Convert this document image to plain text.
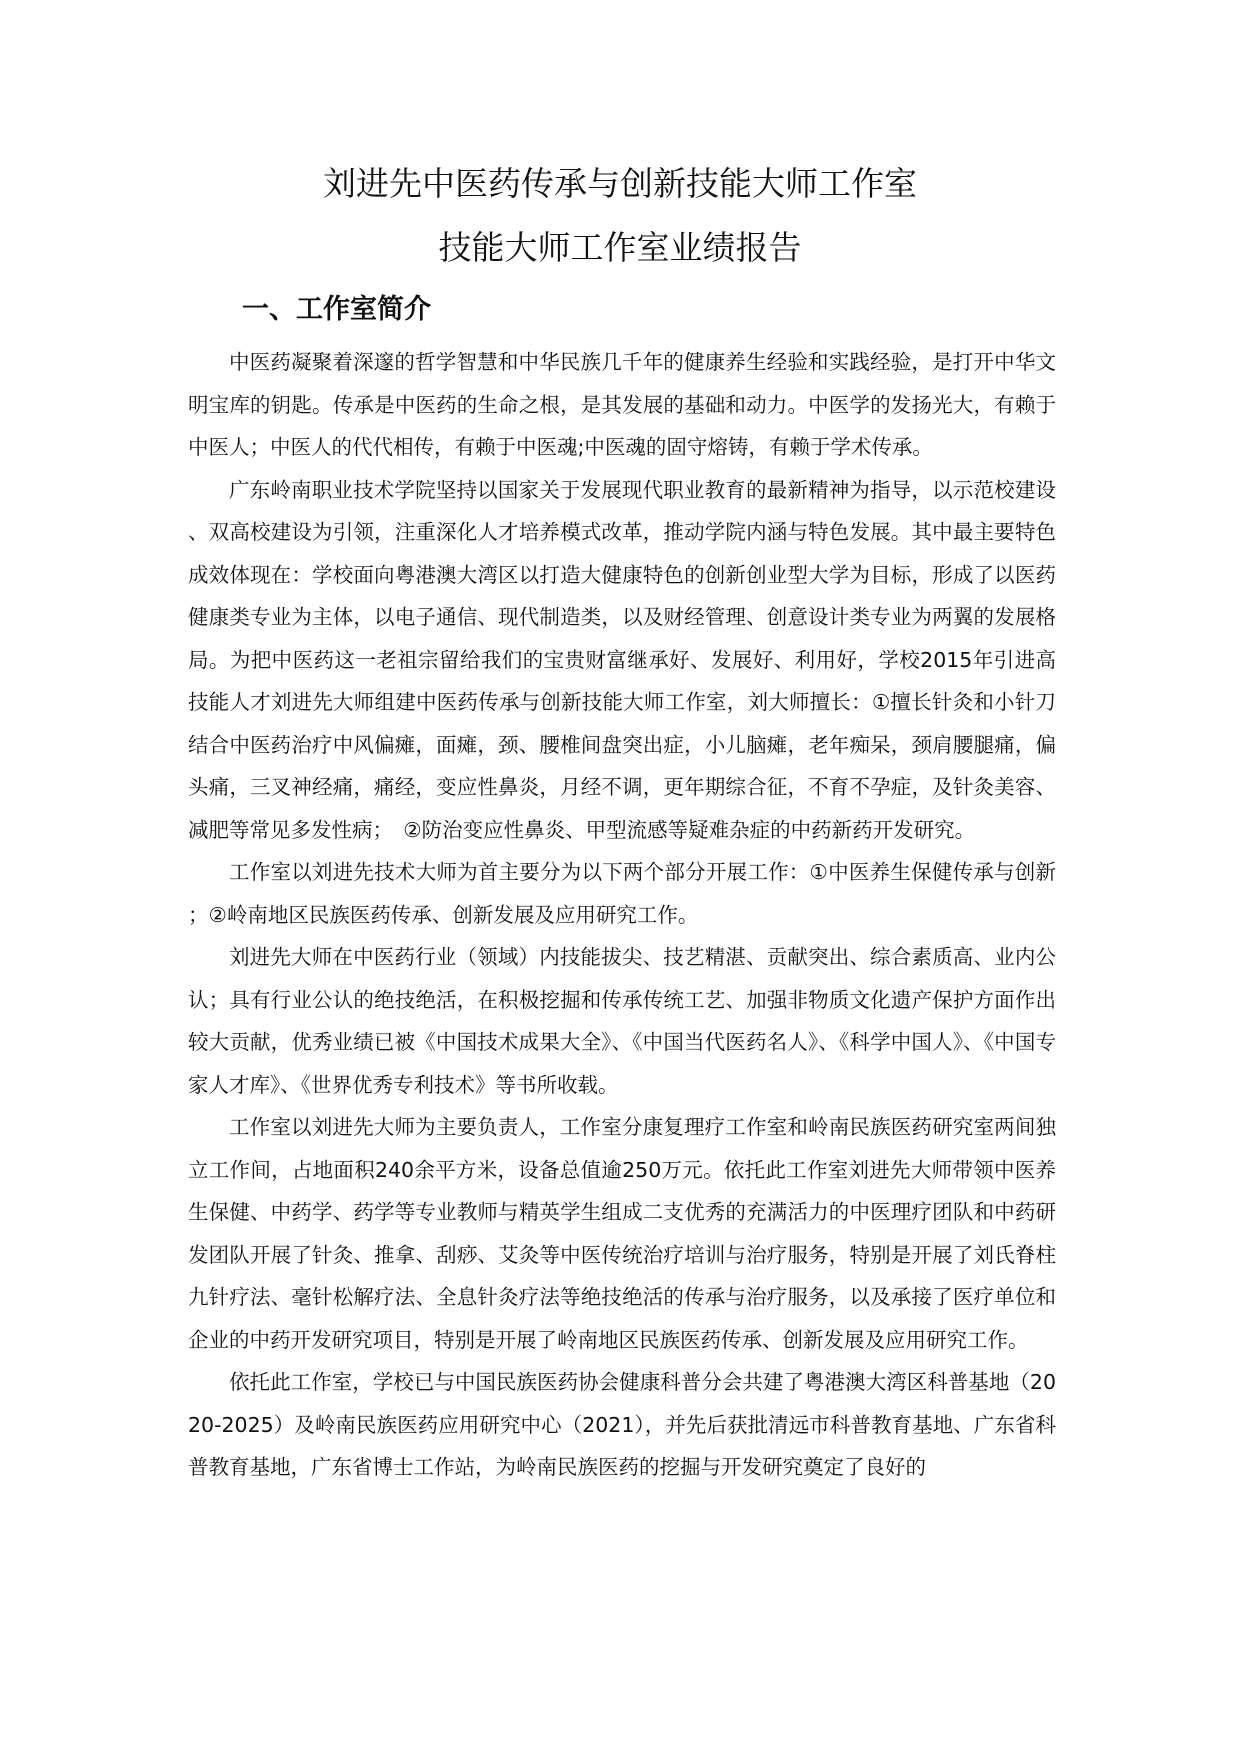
刘进先中医药传承与创新技能大师工作室
技能大师工作室业绩报告
一、工作室简介

中医药凝聚着深邃的哲学智慧和中华民族几千年的健康养生经验和实践经验，是打开中华文明宝库的钥匙。传承是中医药的生命之根，是其发展的基础和动力。中医学的发扬光大，有赖于中医人；中医人的代代相传，有赖于中医魂;中医魂的固守熔铸，有赖于学术传承。

广东岭南职业技术学院坚持以国家关于发展现代职业教育的最新精神为指导，以示范校建设、双高校建设为引领，注重深化人才培养模式改革，推动学院内涵与特色发展。其中最主要特色成效体现在：学校面向粤港澳大湾区以打造大健康特色的创新创业型大学为目标，形成了以医药健康类专业为主体，以电子通信、现代制造类，以及财经管理、创意设计类专业为两翼的发展格局。为把中医药这一老祖宗留给我们的宝贵财富继承好、发展好、利用好，学校2015年引进高技能人才刘进先大师组建中医药传承与创新技能大师工作室，刘大师擅长：①擅长针灸和小针刀结合中医药治疗中风偏瘫，面瘫，颈、腰椎间盘突出症，小儿脑瘫，老年痴呆，颈肩腰腿痛，偏头痛，三叉神经痛，痛经，变应性鼻炎，月经不调，更年期综合征，不育不孕症，及针灸美容、减肥等常见多发性病；　②防治变应性鼻炎、甲型流感等疑难杂症的中药新药开发研究。

工作室以刘进先技术大师为首主要分为以下两个部分开展工作：①中医养生保健传承与创新；②岭南地区民族医药传承、创新发展及应用研究工作。

刘进先大师在中医药行业（领域）内技能拔尖、技艺精湛、贡献突出、综合素质高、业内公认；具有行业公认的绝技绝活，在积极挖掘和传承传统工艺、加强非物质文化遗产保护方面作出较大贡献，优秀业绩已被《中国技术成果大全》、《中国当代医药名人》、《科学中国人》、《中国专家人才库》、《世界优秀专利技术》等书所收载。

工作室以刘进先大师为主要负责人，工作室分康复理疗工作室和岭南民族医药研究室两间独立工作间，占地面积240余平方米，设备总值逾250万元。依托此工作室刘进先大师带领中医养生保健、中药学、药学等专业教师与精英学生组成二支优秀的充满活力的中医理疗团队和中药研发团队开展了针灸、推拿、刮痧、艾灸等中医传统治疗培训与治疗服务，特别是开展了刘氏脊柱九针疗法、毫针松解疗法、全息针灸疗法等绝技绝活的传承与治疗服务，以及承接了医疗单位和企业的中药开发研究项目，特别是开展了岭南地区民族医药传承、创新发展及应用研究工作。

依托此工作室，学校已与中国民族医药协会健康科普分会共建了粤港澳大湾区科普基地（2020-2025）及岭南民族医药应用研究中心（2021），并先后获批清远市科普教育基地、广东省科普教育基地，广东省博士工作站，为岭南民族医药的挖掘与开发研究奠定了良好的
